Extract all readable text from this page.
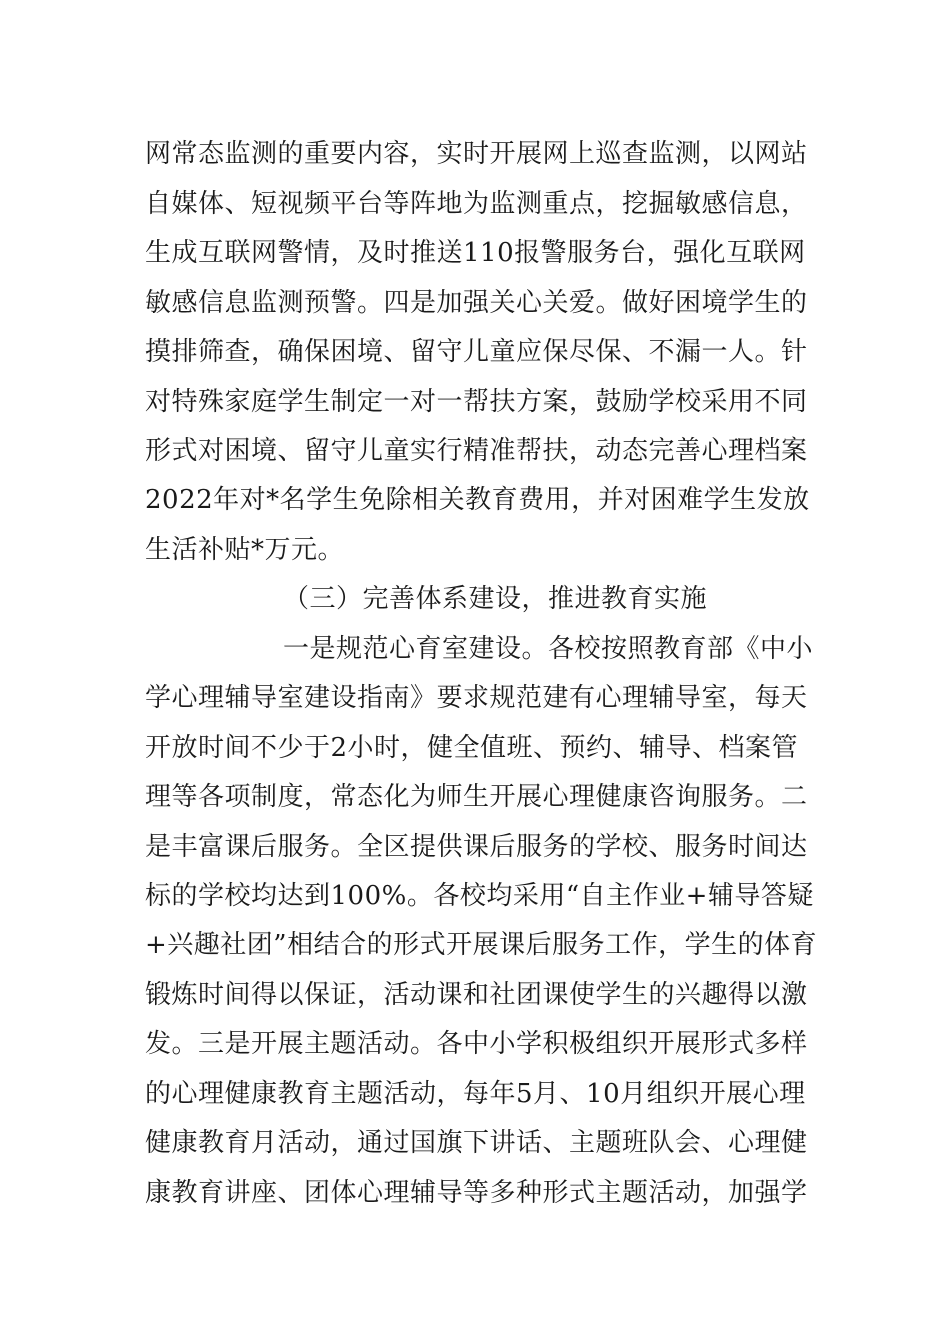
网常态监测的重要内容，实时开展网上巡查监测，以网站

自媒体、短视频平台等阵地为监测重点，挖掘敏感信息，

生成互联网警情，及时推送110报警服务台，强化互联网

敏感信息监测预警。四是加强关心关爱。做好困境学生的

摸排筛查，确保困境、留守儿童应保尽保、不漏一人。针

对特殊家庭学生制定一对一帮扶方案，鼓励学校采用不同

形式对困境、留守儿童实行精准帮扶，动态完善心理档案

2022年对*名学生免除相关教育费用，并对困难学生发放

生活补贴*万元。

（三）完善体系建设，推进教育实施

一是规范心育室建设。各校按照教育部《中小

学心理辅导室建设指南》要求规范建有心理辅导室，每天

开放时间不少于2小时，健全值班、预约、辅导、档案管

理等各项制度，常态化为师生开展心理健康咨询服务。二

是丰富课后服务。全区提供课后服务的学校、服务时间达

标的学校均达到100%。各校均采用“自主作业+辅导答疑

+兴趣社团”相结合的形式开展课后服务工作，学生的体育

锻炼时间得以保证，活动课和社团课使学生的兴趣得以激

发。三是开展主题活动。各中小学积极组织开展形式多样

的心理健康教育主题活动，每年5月、10月组织开展心理

健康教育月活动，通过国旗下讲话、主题班队会、心理健

康教育讲座、团体心理辅导等多种形式主题活动，加强学
